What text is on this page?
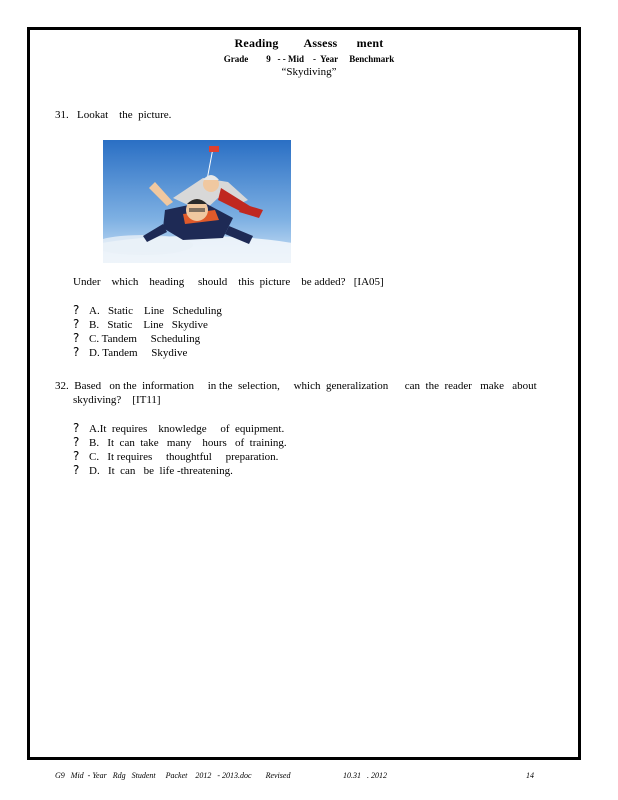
Reading        Assess      ment
Grade        9   - - Mid    -  Year     Benchmark
“Skydiving”
31.   Lookat    the  picture.
Under    which    heading     should    this  picture    be added?   [IA05]
? A.   Static    Line   Scheduling
? B.   Static    Line   Skydive
? C. Tandem     Scheduling
? D. Tandem     Skydive
32.  Based   on the  information     in the  selection,     which  generalization      can  the  reader   make   about
skydiving?    [IT11]
? A.It  requires    knowledge     of  equipment.
? B.   It  can  take   many    hours   of  training.
? C.   It requires     thoughtful     preparation.
? D.   It  can   be  life -threatening.
G9   Mid  - Year   Rdg   Student     Packet    2012   - 2013.doc       Revised	10.31   . 2012	14
